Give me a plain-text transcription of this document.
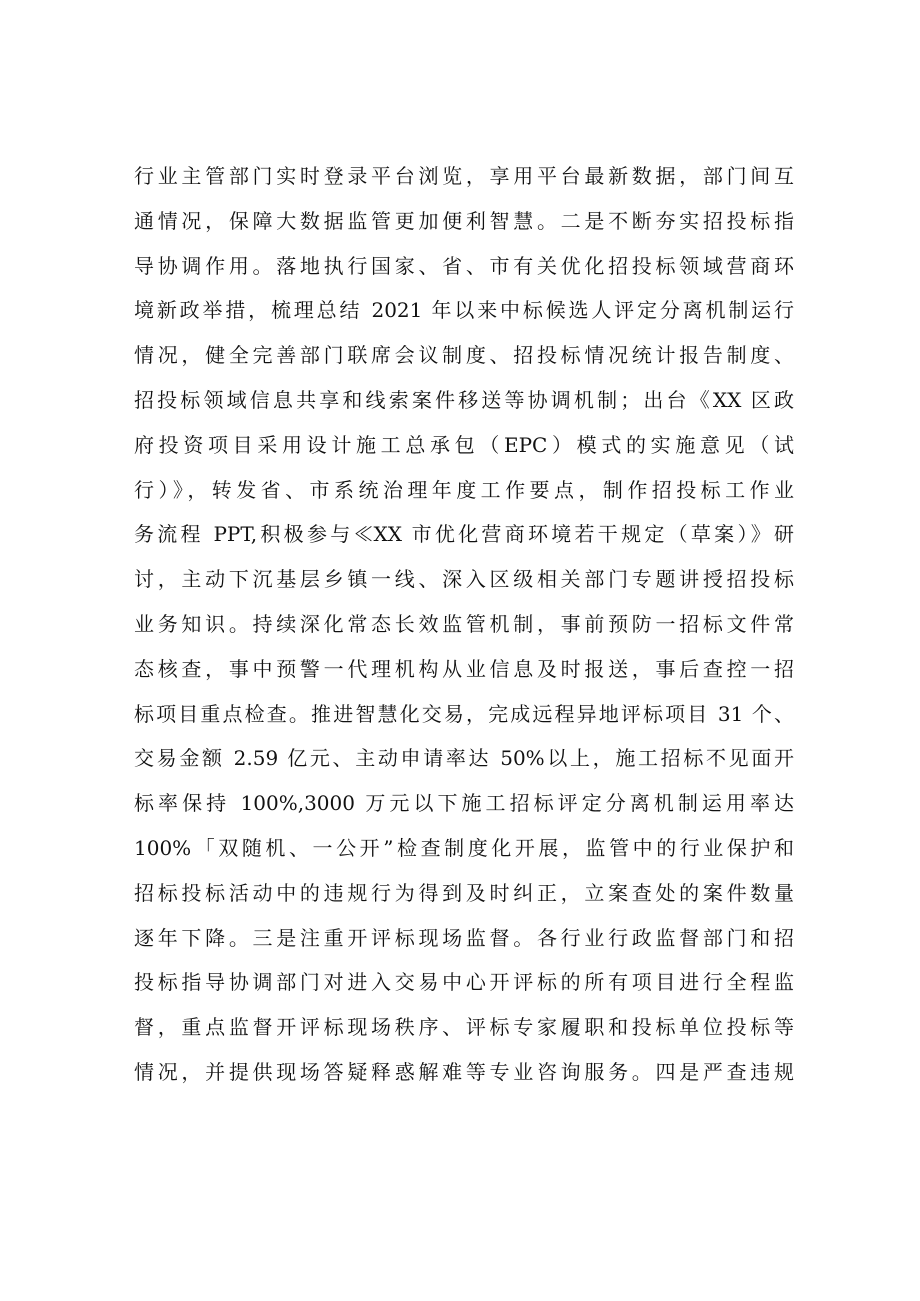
行业主管部门实时登录平台浏览，享用平台最新数据，部门间互
通情况，保障大数据监管更加便利智慧。二是不断夯实招投标指
导协调作用。落地执行国家、省、市有关优化招投标领域营商环
境新政举措，梳理总结 2021 年以来中标候选人评定分离机制运行
情况，健全完善部门联席会议制度、招投标情况统计报告制度、
招投标领域信息共享和线索案件移送等协调机制；出台《XX 区政
府投资项目采用设计施工总承包（EPC）模式的实施意见（试
行）》，转发省、市系统治理年度工作要点，制作招投标工作业
务流程 PPT,积极参与≪XX 市优化营商环境若干规定（草案）》研
讨，主动下沉基层乡镇一线、深入区级相关部门专题讲授招投标
业务知识。持续深化常态长效监管机制，事前预防一招标文件常
态核查，事中预警一代理机构从业信息及时报送，事后查控一招
标项目重点检查。推进智慧化交易，完成远程异地评标项目 31 个、
交易金额 2.59 亿元、主动申请率达 50%以上，施工招标不见面开
标率保持 100%,3000 万元以下施工招标评定分离机制运用率达
100%「双随机、一公开”检查制度化开展，监管中的行业保护和
招标投标活动中的违规行为得到及时纠正，立案查处的案件数量
逐年下降。三是注重开评标现场监督。各行业行政监督部门和招
投标指导协调部门对进入交易中心开评标的所有项目进行全程监
督，重点监督开评标现场秩序、评标专家履职和投标单位投标等
情况，并提供现场答疑释惑解难等专业咨询服务。四是严查违规
